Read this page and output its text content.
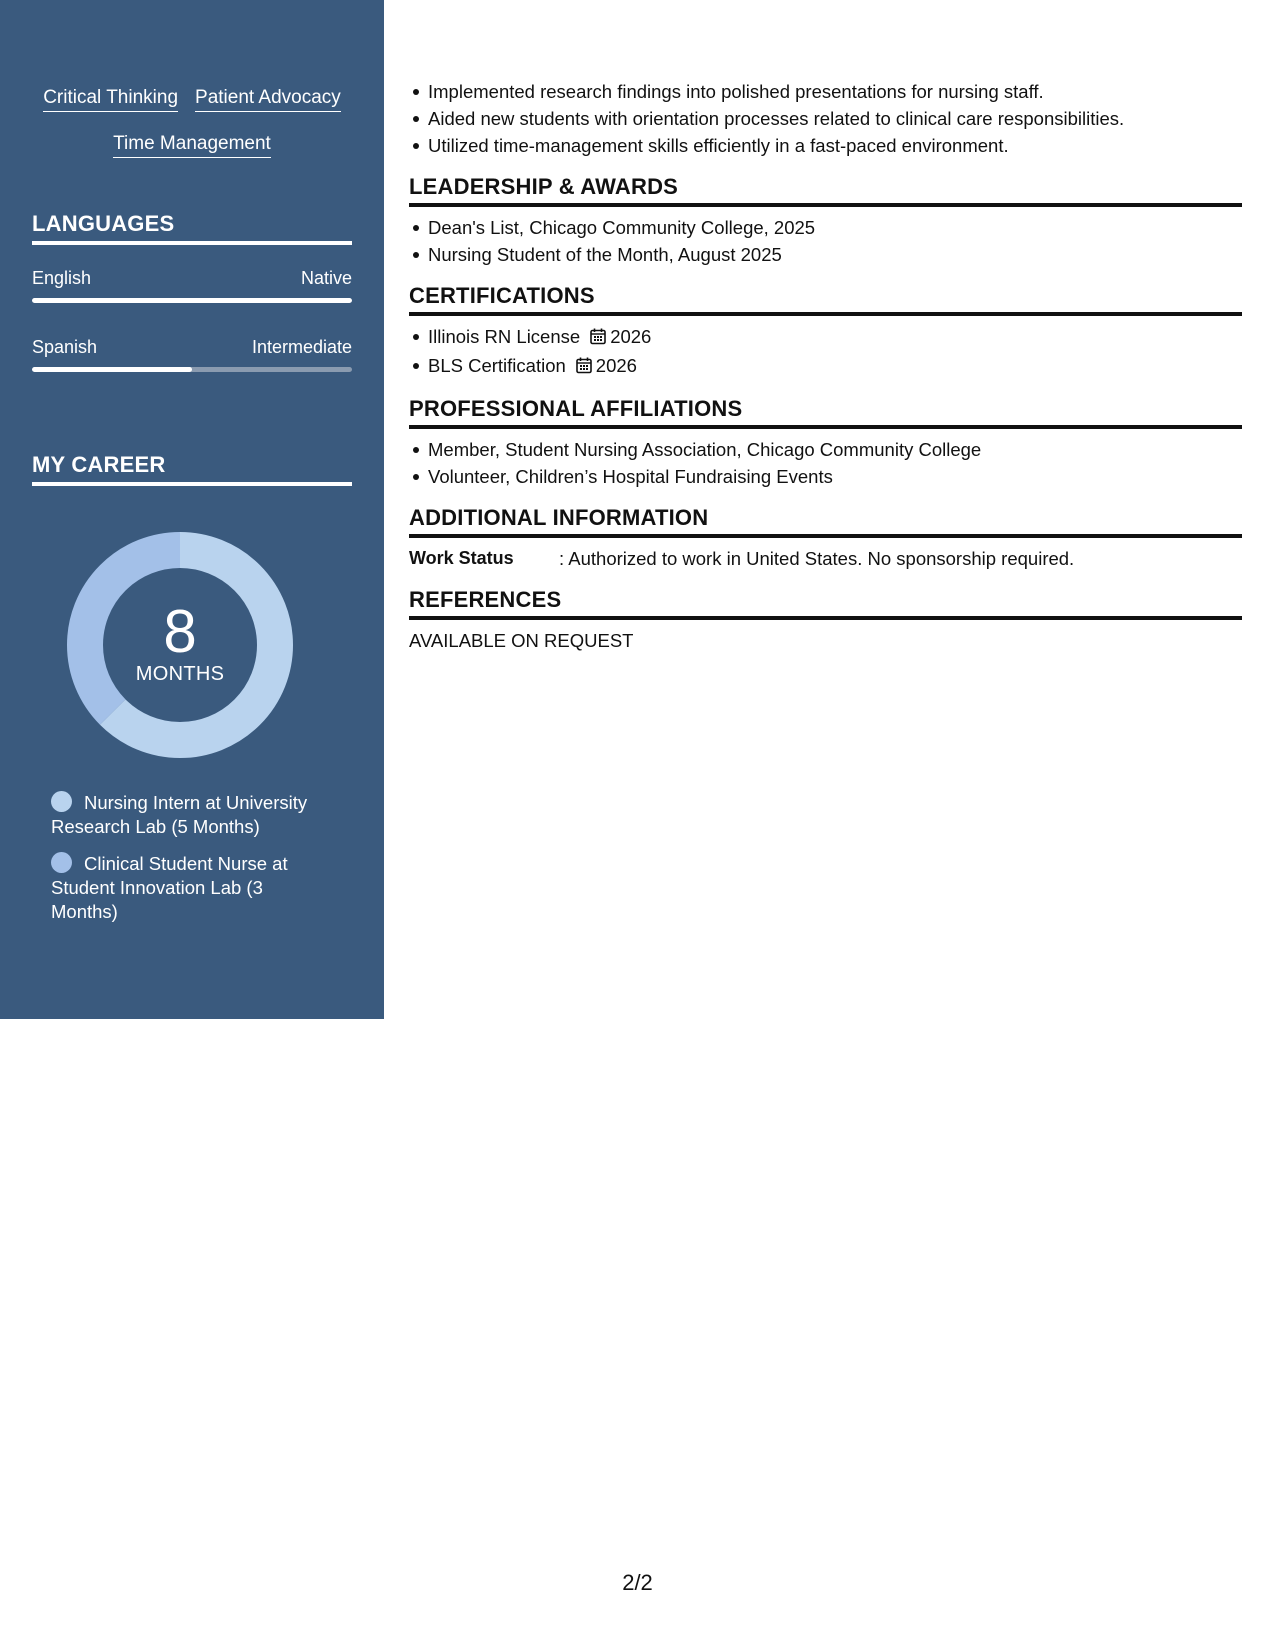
Critical Thinking Patient Advocacy
Time Management
LANGUAGES
English	Native
Spanish	Intermediate
MY CAREER
8
MONTHS
Nursing Intern at University Research Lab (5 Months)
Clinical Student Nurse at Student Innovation Lab (3 Months)
Implemented research findings into polished presentations for nursing staff.
Aided new students with orientation processes related to clinical care responsibilities.
Utilized time-management skills efficiently in a fast-paced environment.
LEADERSHIP & AWARDS
Dean's List, Chicago Community College, 2025
Nursing Student of the Month, August 2025
CERTIFICATIONS
Illinois RN License 2026
BLS Certification 2026
PROFESSIONAL AFFILIATIONS
Member, Student Nursing Association, Chicago Community College
Volunteer, Children’s Hospital Fundraising Events
ADDITIONAL INFORMATION
Work Status	: Authorized to work in United States. No sponsorship required.
REFERENCES
AVAILABLE ON REQUEST
2/2
